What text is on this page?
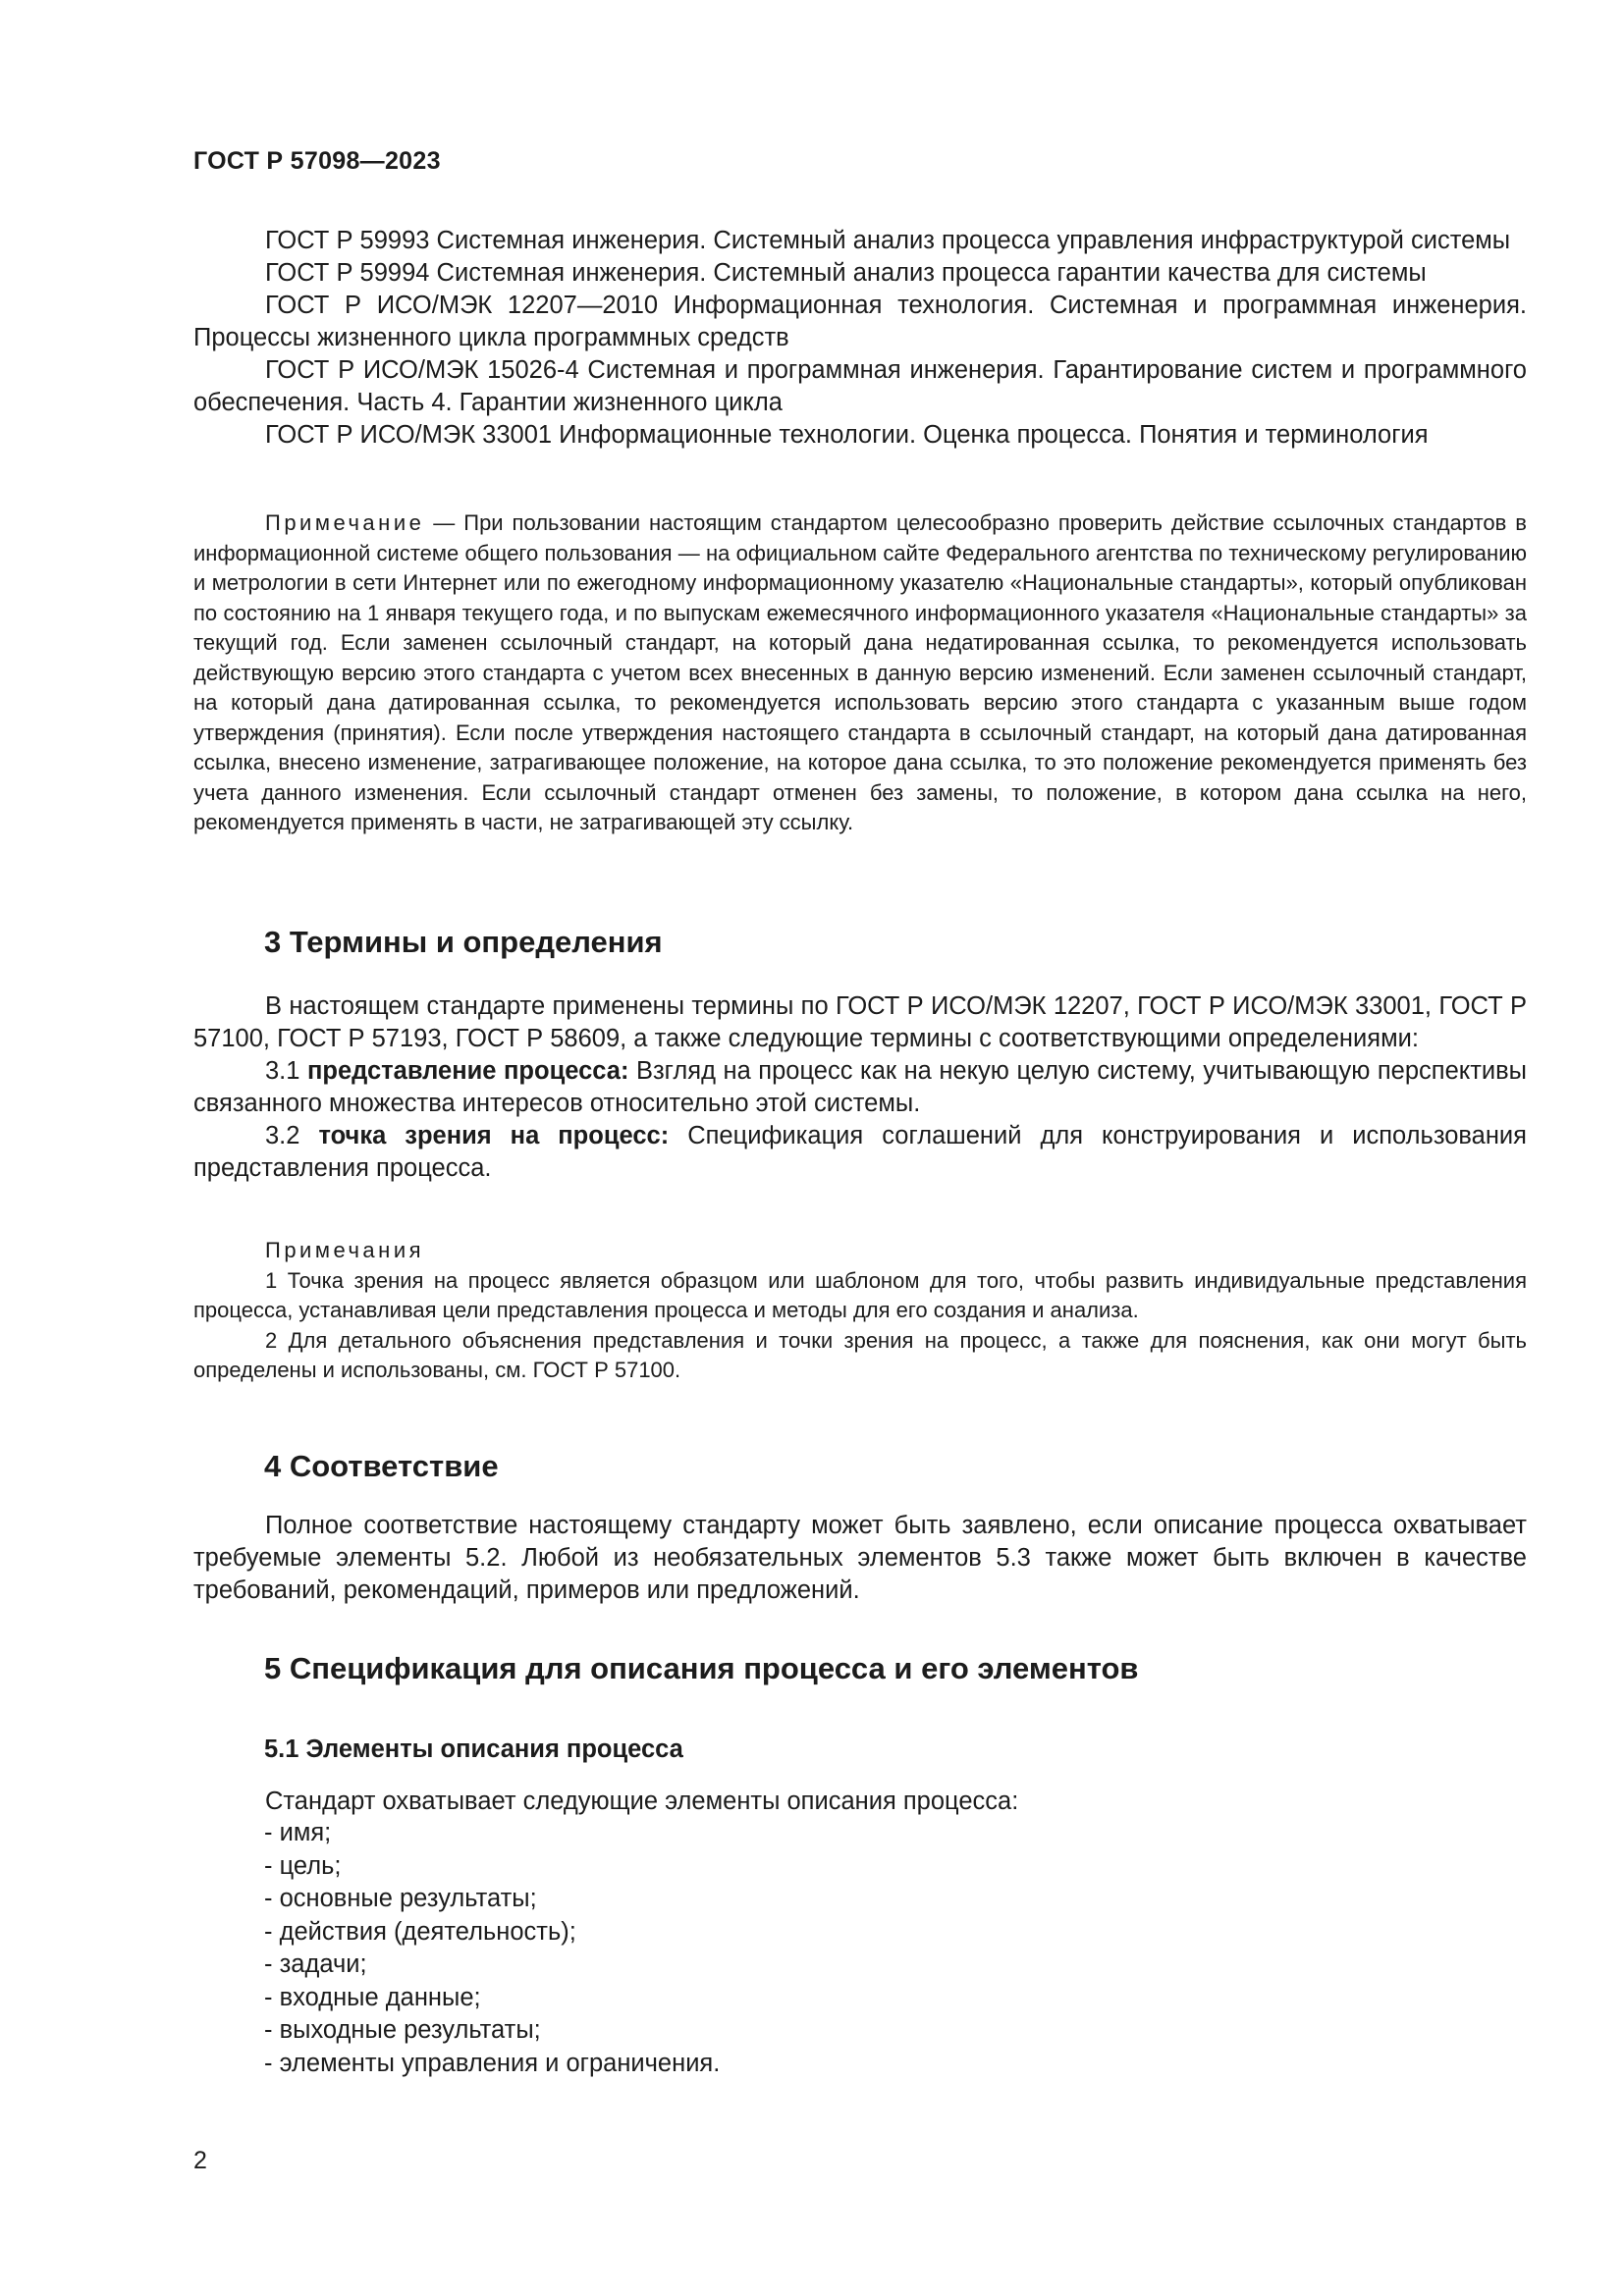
ГОСТ Р 57098—2023

ГОСТ Р 59993 Системная инженерия. Системный анализ процесса управления инфраструктурой системы

ГОСТ Р 59994 Системная инженерия. Системный анализ процесса гарантии качества для системы

ГОСТ Р ИСО/МЭК 12207—2010 Информационная технология. Системная и программная инженерия. Процессы жизненного цикла программных средств

ГОСТ Р ИСО/МЭК 15026-4 Системная и программная инженерия. Гарантирование систем и программного обеспечения. Часть 4. Гарантии жизненного цикла

ГОСТ Р ИСО/МЭК 33001 Информационные технологии. Оценка процесса. Понятия и терминология

Примечание — При пользовании настоящим стандартом целесообразно проверить действие ссылочных стандартов в информационной системе общего пользования — на официальном сайте Федерального агентства по техническому регулированию и метрологии в сети Интернет или по ежегодному информационному указателю «Национальные стандарты», который опубликован по состоянию на 1 января текущего года, и по выпускам ежемесячного информационного указателя «Национальные стандарты» за текущий год. Если заменен ссылочный стандарт, на который дана недатированная ссылка, то рекомендуется использовать действующую версию этого стандарта с учетом всех внесенных в данную версию изменений. Если заменен ссылочный стандарт, на который дана датированная ссылка, то рекомендуется использовать версию этого стандарта с указанным выше годом утверждения (принятия). Если после утверждения настоящего стандарта в ссылочный стандарт, на который дана датированная ссылка, внесено изменение, затрагивающее положение, на которое дана ссылка, то это положение рекомендуется применять без учета данного изменения. Если ссылочный стандарт отменен без замены, то положение, в котором дана ссылка на него, рекомендуется применять в части, не затрагивающей эту ссылку.

3 Термины и определения

В настоящем стандарте применены термины по ГОСТ Р ИСО/МЭК 12207, ГОСТ Р ИСО/МЭК 33001, ГОСТ Р 57100, ГОСТ Р 57193, ГОСТ Р 58609, а также следующие термины с соответствующими определениями:

3.1 представление процесса: Взгляд на процесс как на некую целую систему, учитывающую перспективы связанного множества интересов относительно этой системы.

3.2 точка зрения на процесс: Спецификация соглашений для конструирования и использования представления процесса.

Примечания

1 Точка зрения на процесс является образцом или шаблоном для того, чтобы развить индивидуальные представления процесса, устанавливая цели представления процесса и методы для его создания и анализа.

2 Для детального объяснения представления и точки зрения на процесс, а также для пояснения, как они могут быть определены и использованы, см. ГОСТ Р 57100.

4 Соответствие

Полное соответствие настоящему стандарту может быть заявлено, если описание процесса охватывает требуемые элементы 5.2. Любой из необязательных элементов 5.3 также может быть включен в качестве требований, рекомендаций, примеров или предложений.

5 Спецификация для описания процесса и его элементов
5.1 Элементы описания процесса

Стандарт охватывает следующие элементы описания процесса:

- имя;
- цель;
- основные результаты;
- действия (деятельность);
- задачи;
- входные данные;
- выходные результаты;
- элементы управления и ограничения.
2
